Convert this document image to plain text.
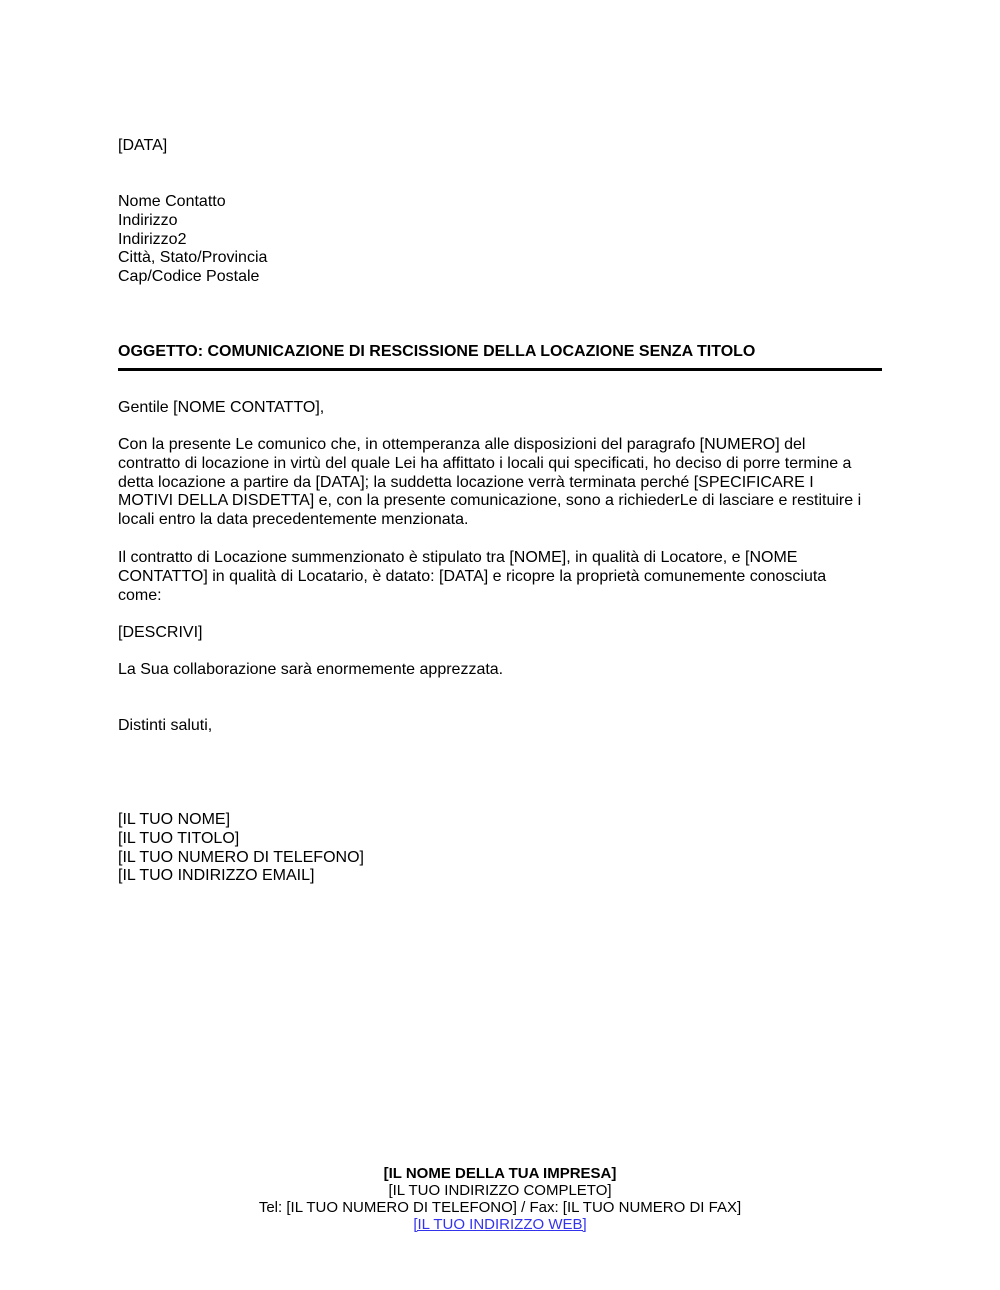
[DATA]
Nome Contatto
Indirizzo
Indirizzo2
Città, Stato/Provincia
Cap/Codice Postale
OGGETTO: COMUNICAZIONE DI RESCISSIONE DELLA LOCAZIONE SENZA TITOLO
Gentile [NOME CONTATTO],
Con la presente Le comunico che, in ottemperanza alle disposizioni del paragrafo [NUMERO] del
contratto di locazione in virtù del quale Lei ha affittato i locali qui specificati, ho deciso di porre termine a
detta locazione a partire da [DATA]; la suddetta locazione verrà terminata perché [SPECIFICARE I
MOTIVI DELLA DISDETTA] e, con la presente comunicazione, sono a richiederLe di lasciare e restituire i
locali entro la data precedentemente menzionata.
Il contratto di Locazione summenzionato è stipulato tra [NOME], in qualità di Locatore, e [NOME
CONTATTO] in qualità di Locatario, è datato: [DATA] e ricopre la proprietà comunemente conosciuta
come:
[DESCRIVI]
La Sua collaborazione sarà enormemente apprezzata.
Distinti saluti,
[IL TUO NOME]
[IL TUO TITOLO]
[IL TUO NUMERO DI TELEFONO]
[IL TUO INDIRIZZO EMAIL]
[IL NOME DELLA TUA IMPRESA]
[IL TUO INDIRIZZO COMPLETO]
Tel: [IL TUO NUMERO DI TELEFONO] / Fax: [IL TUO NUMERO DI FAX]
[IL TUO INDIRIZZO WEB]
